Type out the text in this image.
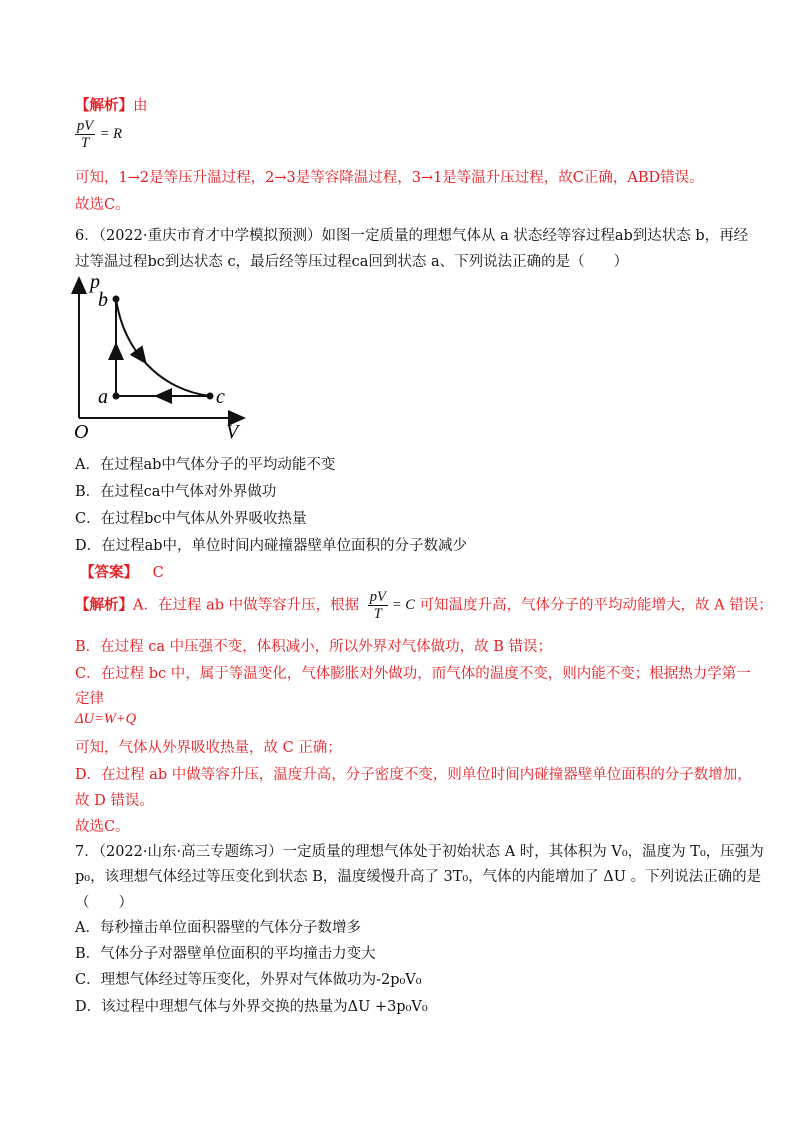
【解析】由
$\frac{pV}{T} = R$
可知，1→2是等压升温过程，2→3是等容降温过程，3→1是等温升压过程，故C正确，ABD错误。
故选C。
6．（2022·重庆市育才中学模拟预测）如图一定质量的理想气体从 a 状态经等容过程ab到达状态 b，再经
过等温过程bc到达状态 c，最后经等压过程ca回到状态 a、下列说法正确的是（　　）
p
b
a	c
O	V
A．在过程ab中气体分子的平均动能不变
B．在过程ca中气体对外界做功
C．在过程bc中气体从外界吸收热量
D．在过程ab中，单位时间内碰撞器壁单位面积的分子数减少
【答案】 C
【解析】A．在过程 ab 中做等容升压，根据 $\frac{pV}{T} = C$ 可知温度升高，气体分子的平均动能增大，故 A 错误；
B．在过程 ca 中压强不变，体积减小，所以外界对气体做功，故 B 错误；
C．在过程 bc 中，属于等温变化，气体膨胀对外做功，而气体的温度不变，则内能不变；根据热力学第一
定律
ΔU=W+Q
可知，气体从外界吸收热量，故 C 正确；
D．在过程 ab 中做等容升压，温度升高，分子密度不变，则单位时间内碰撞器壁单位面积的分子数增加，
故 D 错误。
故选C。
7．（2022·山东·高三专题练习）一定质量的理想气体处于初始状态 A 时，其体积为 V₀，温度为 T₀，压强为
p₀，该理想气体经过等压变化到状态 B，温度缓慢升高了 3T₀，气体的内能增加了 ΔU 。下列说法正确的是
（　　）
A．每秒撞击单位面积器壁的气体分子数增多
B．气体分子对器壁单位面积的平均撞击力变大
C．理想气体经过等压变化，外界对气体做功为-2p₀V₀
D．该过程中理想气体与外界交换的热量为ΔU +3p₀V₀
